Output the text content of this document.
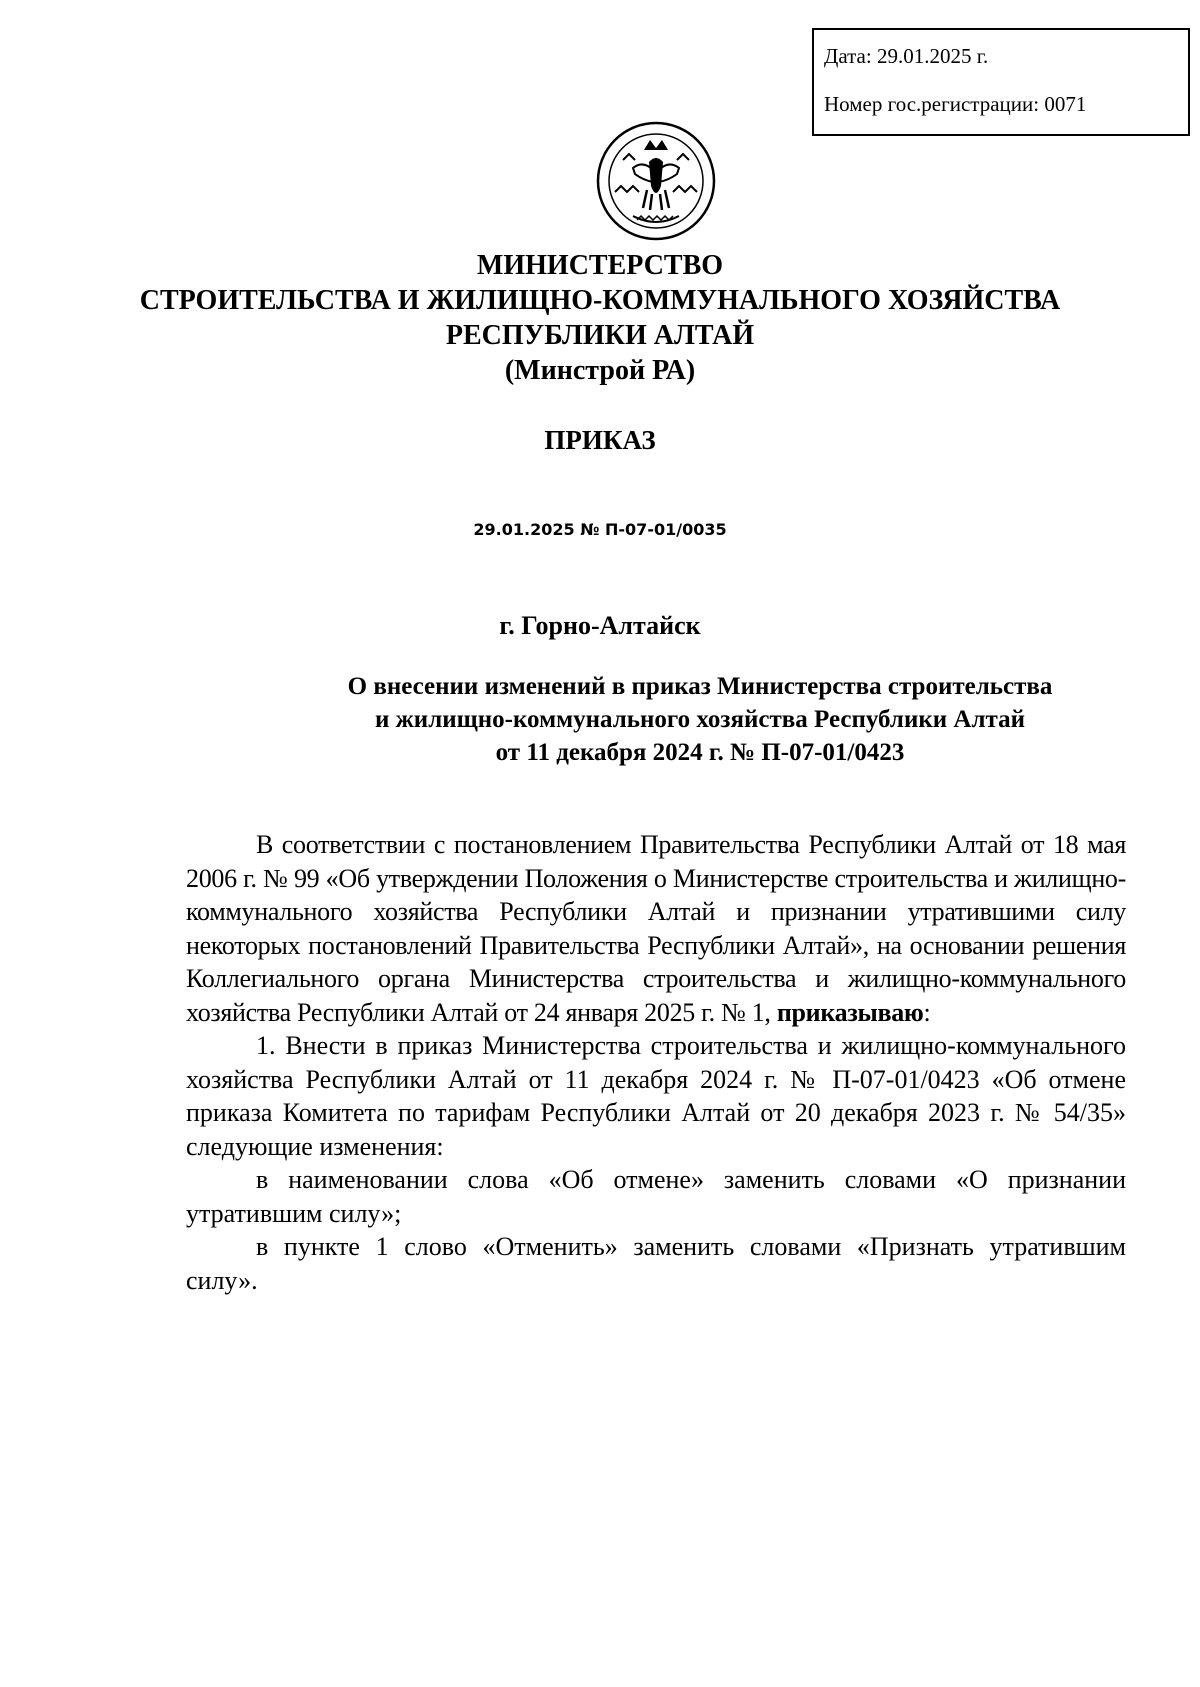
Дата: 29.01.2025 г.
Номер гос.регистрации: 0071
МИНИСТЕРСТВО
СТРОИТЕЛЬСТВА И ЖИЛИЩНО-КОММУНАЛЬНОГО ХОЗЯЙСТВА
РЕСПУБЛИКИ АЛТАЙ
(Минстрой РА)
ПРИКАЗ
29.01.2025 № П-07-01/0035
г. Горно-Алтайск
О внесении изменений в приказ Министерства строительства
и жилищно-коммунального хозяйства Республики Алтай
от 11 декабря 2024 г. № П-07-01/0423

В соответствии с постановлением Правительства Республики Алтай от 18 мая 2006 г. № 99 «Об утверждении Положения о Министерстве строительства и жилищно-коммунального хозяйства Республики Алтай и признании утратившими силу некоторых постановлений Правительства Республики Алтай», на основании решения Коллегиального органа Министерства строительства и жилищно-коммунального хозяйства Республики Алтай от 24 января 2025 г. № 1, приказываю:

1. Внести в приказ Министерства строительства и жилищно-коммунального хозяйства Республики Алтай от 11 декабря 2024 г. № П-07-01/0423 «Об отмене приказа Комитета по тарифам Республики Алтай от 20 декабря 2023 г. № 54/35» следующие изменения:

в наименовании слова «Об отмене» заменить словами «О признании утратившим силу»;

в пункте 1 слово «Отменить» заменить словами «Признать утратившим силу».
